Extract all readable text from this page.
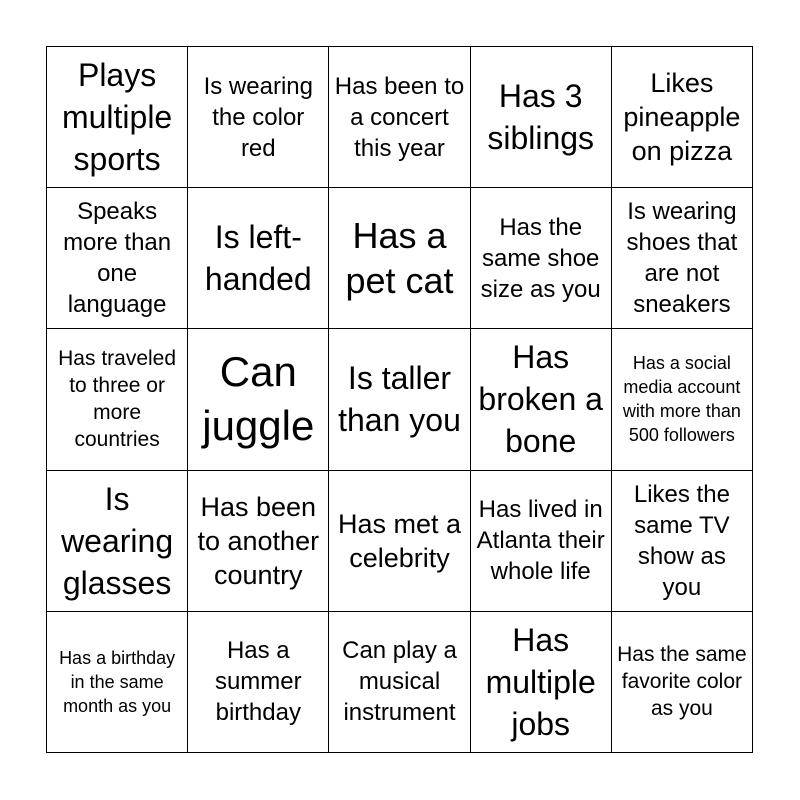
Plays multiple sports
Is wearing the color red
Has been to a concert this year
Has 3 siblings
Likes pineapple on pizza
Speaks more than one language
Is left-handed
Has a pet cat
Has the same shoe size as you
Is wearing shoes that are not sneakers
Has traveled to three or more countries
Can juggle
Is taller than you
Has broken a bone
Has a social media account with more than 500 followers
Is wearing glasses
Has been to another country
Has met a celebrity
Has lived in Atlanta their whole life
Likes the same TV show as you
Has a birthday in the same month as you
Has a summer birthday
Can play a musical instrument
Has multiple jobs
Has the same favorite color as you
